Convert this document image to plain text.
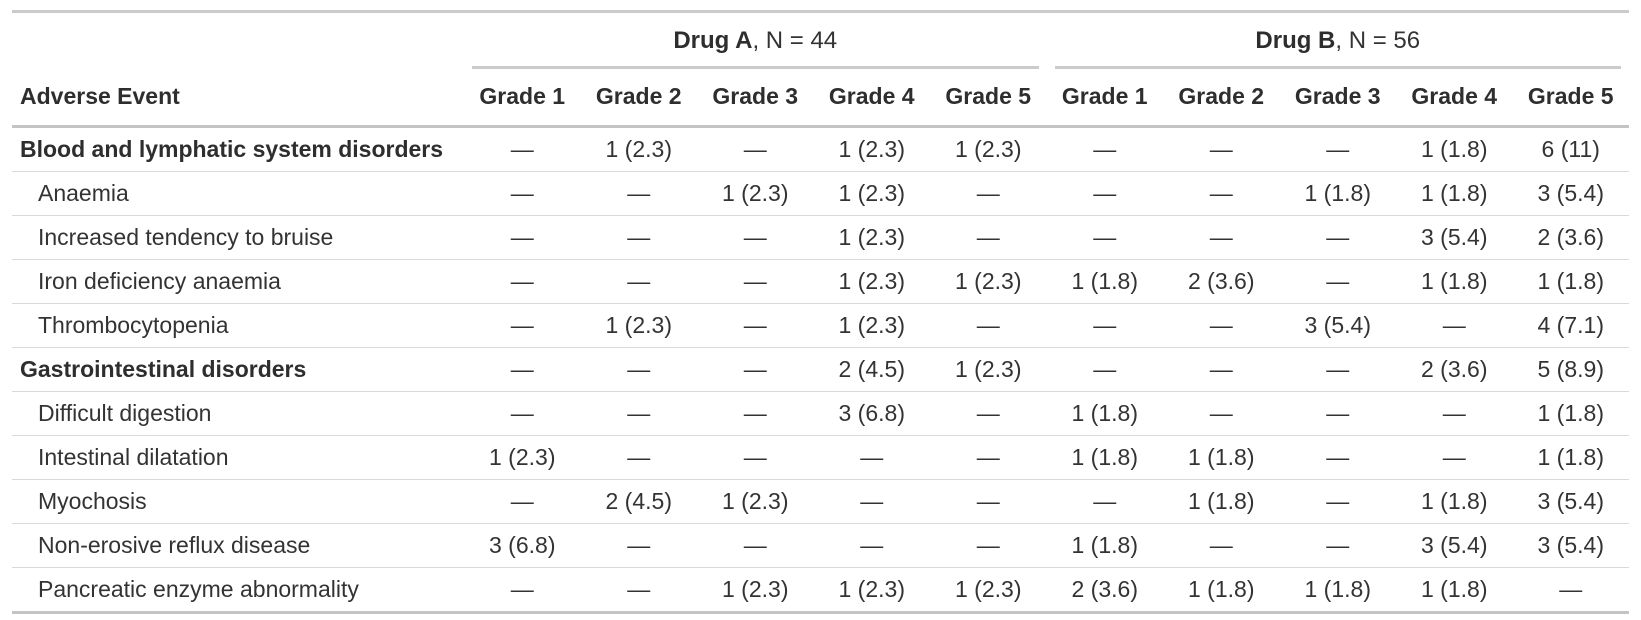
	Drug A, N = 44					Drug B, N = 56				

Adverse Event	Grade 1	Grade 2	Grade 3	Grade 4	Grade 5	Grade 1	Grade 2	Grade 3	Grade 4	Grade 5
Blood and lymphatic system disorders	—	1 (2.3)	—	1 (2.3)	1 (2.3)	—	—	—	1 (1.8)	6 (11)
Anaemia	—	—	1 (2.3)	1 (2.3)	—	—	—	1 (1.8)	1 (1.8)	3 (5.4)
Increased tendency to bruise	—	—	—	1 (2.3)	—	—	—	—	3 (5.4)	2 (3.6)
Iron deficiency anaemia	—	—	—	1 (2.3)	1 (2.3)	1 (1.8)	2 (3.6)	—	1 (1.8)	1 (1.8)
Thrombocytopenia	—	1 (2.3)	—	1 (2.3)	—	—	—	3 (5.4)	—	4 (7.1)
Gastrointestinal disorders	—	—	—	2 (4.5)	1 (2.3)	—	—	—	2 (3.6)	5 (8.9)
Difficult digestion	—	—	—	3 (6.8)	—	1 (1.8)	—	—	—	1 (1.8)
Intestinal dilatation	1 (2.3)	—	—	—	—	1 (1.8)	1 (1.8)	—	—	1 (1.8)
Myochosis	—	2 (4.5)	1 (2.3)	—	—	—	1 (1.8)	—	1 (1.8)	3 (5.4)
Non-erosive reflux disease	3 (6.8)	—	—	—	—	1 (1.8)	—	—	3 (5.4)	3 (5.4)
Pancreatic enzyme abnormality	—	—	1 (2.3)	1 (2.3)	1 (2.3)	2 (3.6)	1 (1.8)	1 (1.8)	1 (1.8)	—
